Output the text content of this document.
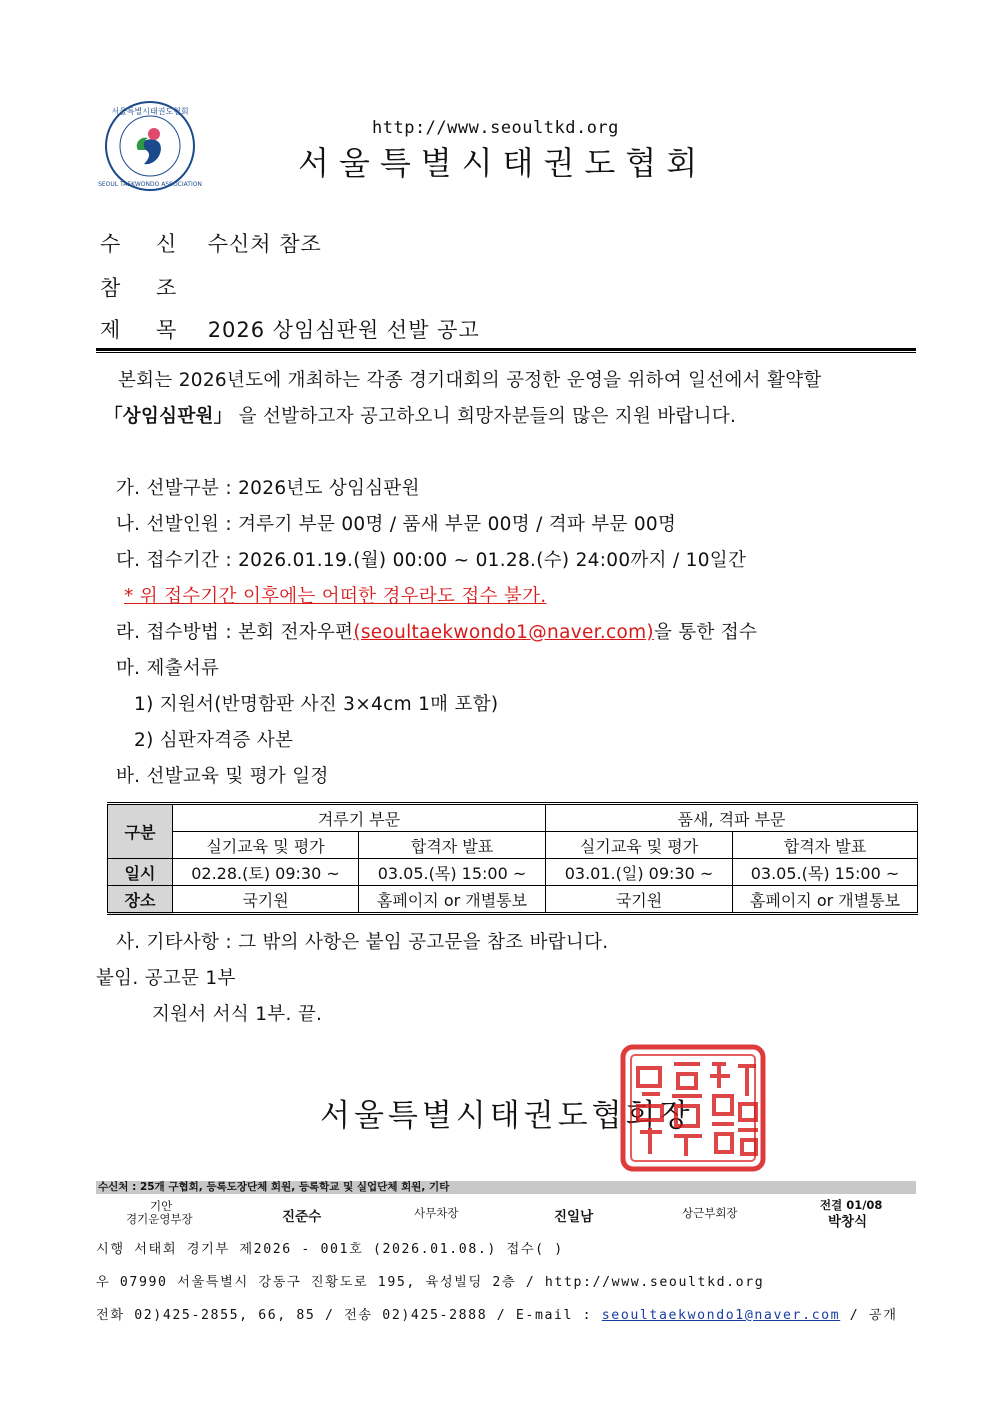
서울특별시태권도협회
SEOUL TAEKWONDO ASSOCIATION
http://www.seoultkd.org
서울특별시태권도협회
수 신 수신처 참조
참 조
제 목 2026 상임심판원 선발 공고
본회는 2026년도에 개최하는 각종 경기대회의 공정한 운영을 위하여 일선에서 활약할
「상임심판원」 을 선발하고자 공고하오니 희망자분들의 많은 지원 바랍니다.
가. 선발구분 : 2026년도 상임심판원
나. 선발인원 : 겨루기 부문 00명 / 품새 부문 00명 / 격파 부문 00명
다. 접수기간 : 2026.01.19.(월) 00:00 ~ 01.28.(수) 24:00까지 / 10일간
* 위 접수기간 이후에는 어떠한 경우라도 접수 불가.
라. 접수방법 : 본회 전자우편(seoultaekwondo1@naver.com)을 통한 접수
마. 제출서류
1) 지원서(반명함판 사진 3×4cm 1매 포함)
2) 심판자격증 사본
바. 선발교육 및 평가 일정
구분	겨루기 부문		품새, 격파 부문	
	실기교육 및 평가	합격자 발표	실기교육 및 평가	합격자 발표
일시	02.28.(토) 09:30 ~	03.05.(목) 15:00 ~	03.01.(일) 09:30 ~	03.05.(목) 15:00 ~
장소	국기원	홈페이지 or 개별통보	국기원	홈페이지 or 개별통보
사. 기타사항 : 그 밖의 사항은 붙임 공고문을 참조 바랍니다.
붙임. 공고문 1부
지원서 서식 1부. 끝.
서울특별시태권도협회장
수신처 : 25개 구협회, 등록도장단체 회원, 등록학교 및 실업단체 회원, 기타
기안
경기운영부장	진준수	사무차장	진일남	상근부회장
전결 01/08
박창식
시행 서태회 경기부 제2026 - 001호 (2026.01.08.) 접수( )
우 07990 서울특별시 강동구 진황도로 195, 육성빌딩 2층 / http://www.seoultkd.org
전화 02)425-2855, 66, 85 / 전송 02)425-2888 / E-mail : seoultaekwondo1@naver.com / 공개
